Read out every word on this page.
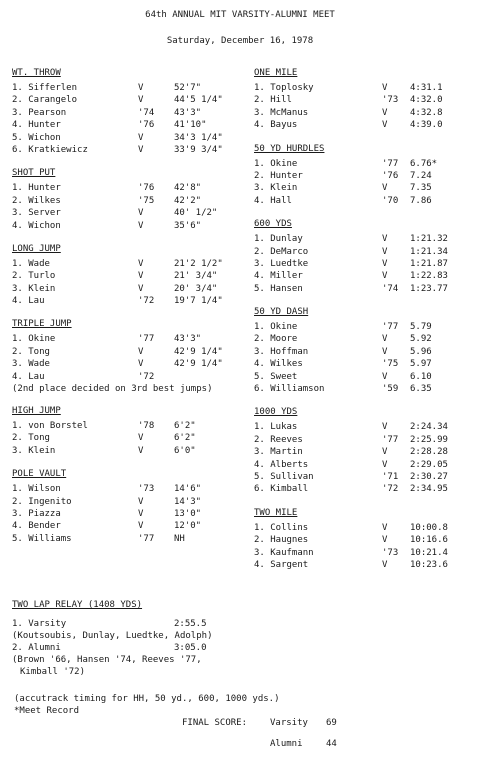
64th ANNUAL MIT VARSITY-ALUMNI MEET
Saturday, December 16, 1978
WT. THROW
1. Sifferlen	V	52'7"
2. Carangelo	V	44'5 1/4"
3. Pearson	'74 43'3"
4. Hunter	'76 41'10"
5. Wichon	V	34'3 1/4"
6. Kratkiewicz	V	33'9 3/4"
SHOT PUT
1. Hunter	'76 42'8"
2. Wilkes	'75 42'2"
3. Server	V	40' 1/2"
4. Wichon	V	35'6"
LONG JUMP
1. Wade	V	21'2 1/2"
2. Turlo	V	21' 3/4"
3. Klein	V	20' 3/4"
4. Lau	'72 19'7 1/4"
TRIPLE JUMP
1. Okine	'77 43'3"
2. Tong	V	42'9 1/4"
3. Wade	V	42'9 1/4"
4. Lau	'72
(2nd place decided on 3rd best jumps)
HIGH JUMP
1. von Borstel	'78 6'2"
2. Tong	V	6'2"
3. Klein	V	6'0"
POLE VAULT
1. Wilson	'73 14'6"
2. Ingenito	V	14'3"
3. Piazza	V	13'0"
4. Bender	V	12'0"
5. Williams	'77 NH
ONE MILE
1. Toplosky	V	4:31.1
2. Hill	'73 4:32.0
3. McManus	V	4:32.8
4. Bayus	V	4:39.0
50 YD HURDLES
1. Okine	'77 6.76*
2. Hunter	'76 7.24
3. Klein	V	7.35
4. Hall	'70 7.86
600 YDS
1. Dunlay	V	1:21.32
2. DeMarco	V	1:21.34
3. Luedtke	V	1:21.87
4. Miller	V	1:22.83
5. Hansen	'74 1:23.77
50 YD DASH
1. Okine	'77 5.79
2. Moore	V	5.92
3. Hoffman	V	5.96
4. Wilkes	'75 5.97
5. Sweet	V	6.10
6. Williamson	'59 6.35
1000 YDS
1. Lukas	V	2:24.34
2. Reeves	'77 2:25.99
3. Martin	V	2:28.28
4. Alberts	V	2:29.05
5. Sullivan	'71 2:30.27
6. Kimball	'72 2:34.95
TWO MILE
1. Collins	V	10:00.8
2. Haugnes	V	10:16.6
3. Kaufmann	'73 10:21.4
4. Sargent	V	10:23.6
TWO LAP RELAY (1408 YDS)
1. Varsity	2:55.5
(Koutsoubis, Dunlay, Luedtke, Adolph)
2. Alumni	3:05.0
(Brown '66, Hansen '74, Reeves '77,
Kimball '72)
(accutrack timing for HH, 50 yd., 600, 1000 yds.)
*Meet Record
FINAL SCORE:	Varsity 69
Alumni	44
